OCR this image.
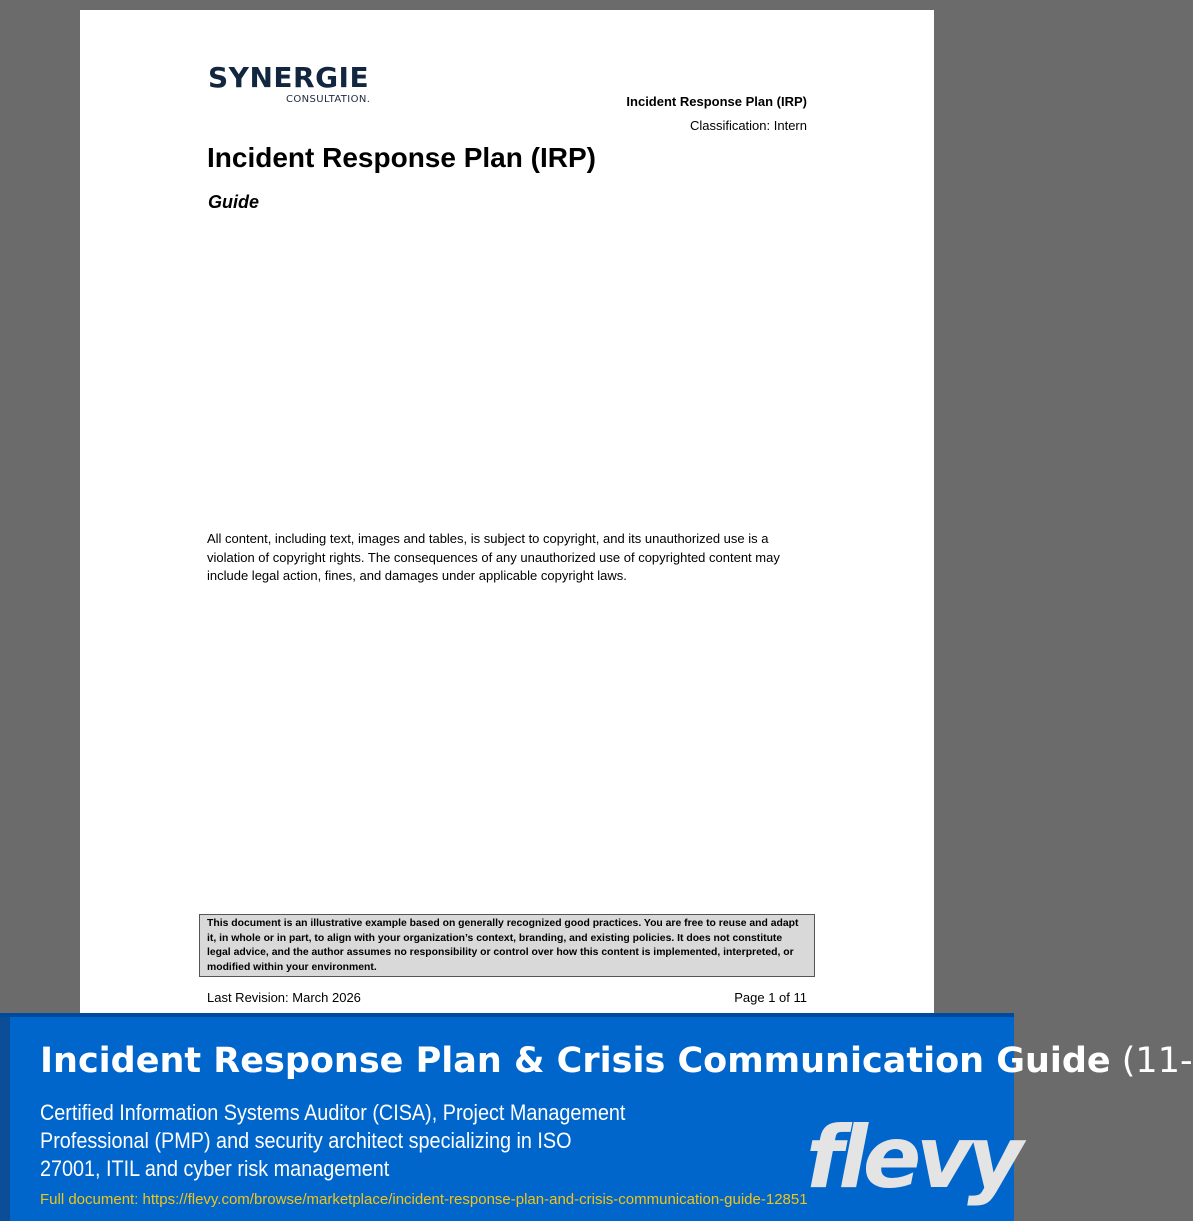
SYNERGIE
CONSULTATION.	Incident Response Plan (IRP)
Classification: Intern
Incident Response Plan (IRP)
Guide

All content, including text, images and tables, is subject to copyright, and its unauthorized use is a violation of copyright rights. The consequences of any unauthorized use of copyrighted content may include legal action, fines, and damages under applicable copyright laws.

This document is an illustrative example based on generally recognized good practices. You are free to reuse and adapt it, in whole or in part, to align with your organization’s context, branding, and existing policies. It does not constitute legal advice, and the author assumes no responsibility or control over how this content is implemented, interpreted, or modified within your environment.
Last Revision: March 2026	Page 1 of 11
Incident Response Plan & Crisis Communication Guide (11-
Certified Information Systems Auditor (CISA), Project Management Professional (PMP) and security architect specializing in ISO 27001, ITIL and cyber risk management
Full document: https://flevy.com/browse/marketplace/incident-response-plan-and-crisis-communication-guide-12851
flevy
